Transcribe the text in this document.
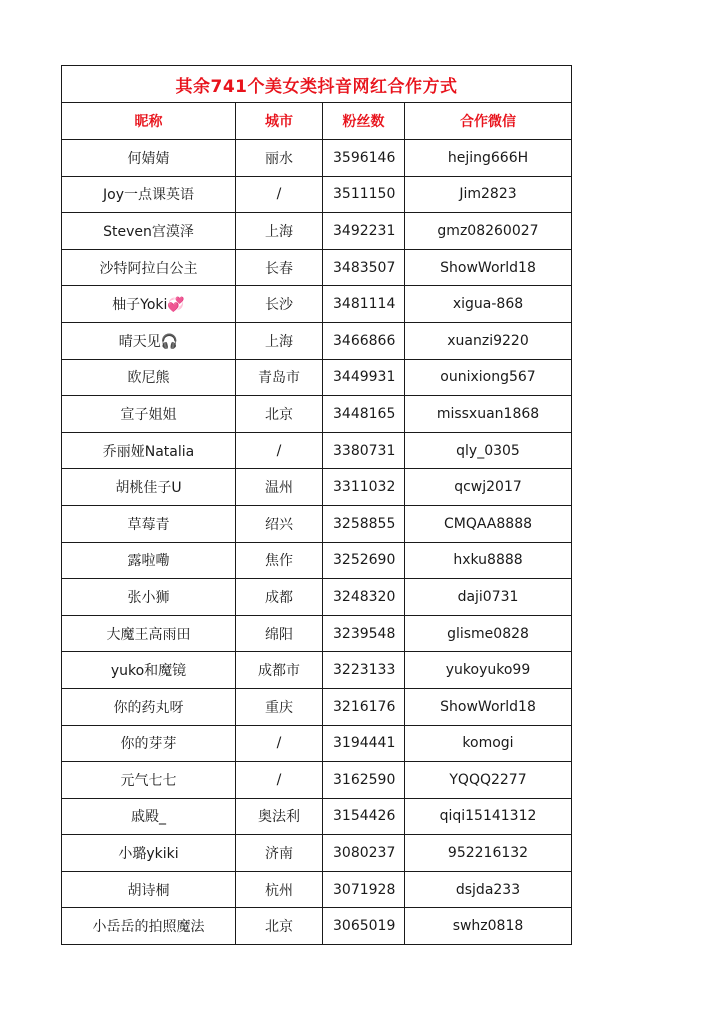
其余741个美女类抖音网红合作方式			
昵称	城市	粉丝数	合作微信
何婧婧	丽水	3596146	hejing666H
Joy一点课英语	/	3511150	Jim2823
Steven宫漠泽	上海	3492231	gmz08260027
沙特阿拉白公主	长春	3483507	ShowWorld18
柚子Yoki💞	长沙	3481114	xigua-868
晴天见🎧	上海	3466866	xuanzi9220
欧尼熊	青岛市	3449931	ounixiong567
宣子姐姐	北京	3448165	missxuan1868
乔丽娅Natalia	/	3380731	qly_0305
胡桃佳子U	温州	3311032	qcwj2017
草莓青	绍兴	3258855	CMQAA8888
露啦嘞	焦作	3252690	hxku8888
张小狮	成都	3248320	daji0731
大魔王高雨田	绵阳	3239548	glisme0828
yuko和魔镜	成都市	3223133	yukoyuko99
你的药丸呀	重庆	3216176	ShowWorld18
你的芽芽	/	3194441	komogi
元气七七	/	3162590	YQQQ2277
戚殿_	奥法利	3154426	qiqi15141312
小璐ykiki	济南	3080237	952216132
胡诗桐	杭州	3071928	dsjda233
小岳岳的拍照魔法	北京	3065019	swhz0818
